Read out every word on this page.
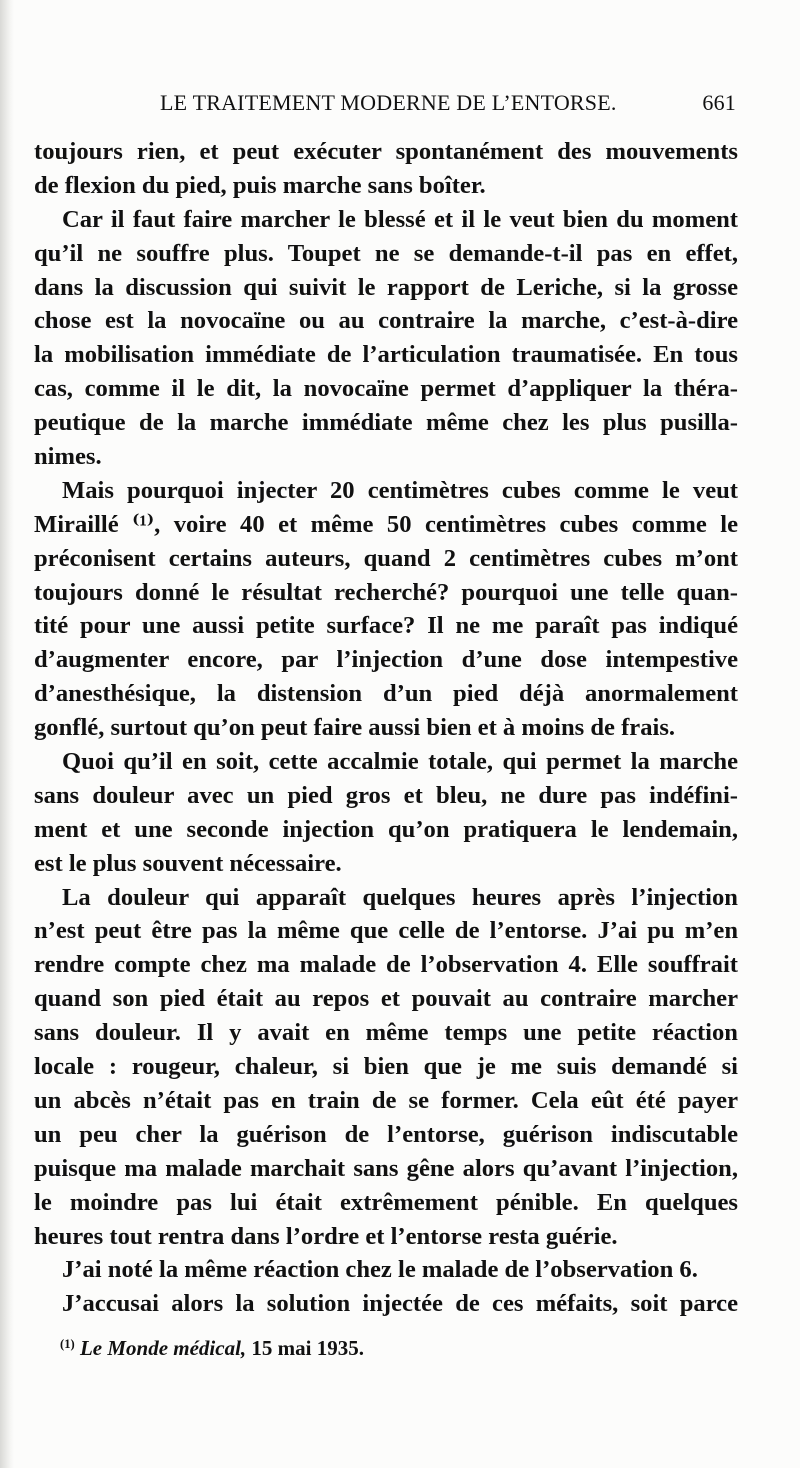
LE TRAITEMENT MODERNE DE L’ENTORSE.	661
toujours rien, et peut exécuter spontanément des mouvements
de flexion du pied, puis marche sans boîter.
Car il faut faire marcher le blessé et il le veut bien du moment
qu’il ne souffre plus. Toupet ne se demande-t-il pas en effet,
dans la discussion qui suivit le rapport de Leriche, si la grosse
chose est la novocaïne ou au contraire la marche, c’est-à-dire
la mobilisation immédiate de l’articulation traumatisée. En tous
cas, comme il le dit, la novocaïne permet d’appliquer la théra-
peutique de la marche immédiate même chez les plus pusilla-
nimes.
Mais pourquoi injecter 20 centimètres cubes comme le veut
Miraillé ⁽¹⁾, voire 40 et même 50 centimètres cubes comme le
préconisent certains auteurs, quand 2 centimètres cubes m’ont
toujours donné le résultat recherché? pourquoi une telle quan-
tité pour une aussi petite surface? Il ne me paraît pas indiqué
d’augmenter encore, par l’injection d’une dose intempestive
d’anesthésique, la distension d’un pied déjà anormalement
gonflé, surtout qu’on peut faire aussi bien et à moins de frais.
Quoi qu’il en soit, cette accalmie totale, qui permet la marche
sans douleur avec un pied gros et bleu, ne dure pas indéfini-
ment et une seconde injection qu’on pratiquera le lendemain,
est le plus souvent nécessaire.
La douleur qui apparaît quelques heures après l’injection
n’est peut être pas la même que celle de l’entorse. J’ai pu m’en
rendre compte chez ma malade de l’observation 4. Elle souffrait
quand son pied était au repos et pouvait au contraire marcher
sans douleur. Il y avait en même temps une petite réaction
locale : rougeur, chaleur, si bien que je me suis demandé si
un abcès n’était pas en train de se former. Cela eût été payer
un peu cher la guérison de l’entorse, guérison indiscutable
puisque ma malade marchait sans gêne alors qu’avant l’injection,
le moindre pas lui était extrêmement pénible. En quelques
heures tout rentra dans l’ordre et l’entorse resta guérie.
J’ai noté la même réaction chez le malade de l’observation 6.
J’accusai alors la solution injectée de ces méfaits, soit parce
$^{(1)}$ Le Monde médical, 15 mai 1935.
